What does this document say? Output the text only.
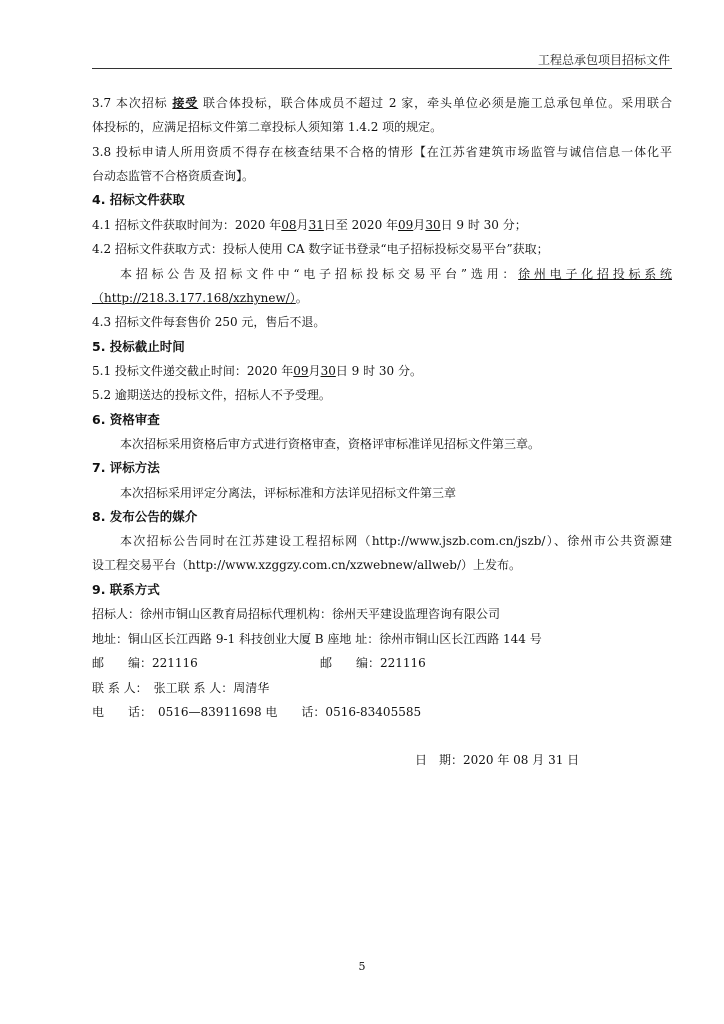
工程总承包项目招标文件
3.7 本次招标 接受 联合体投标，联合体成员不超过 2 家，牵头单位必须是施工总承包单位。采用联合
体投标的，应满足招标文件第二章投标人须知第 1.4.2 项的规定。
3.8 投标申请人所用资质不得存在核查结果不合格的情形【在江苏省建筑市场监管与诚信信息一体化平
台动态监管不合格资质查询】。
4. 招标文件获取
4.1 招标文件获取时间为：2020 年08月31日至 2020 年09月30日 9 时 30 分；
4.2 招标文件获取方式：投标人使用 CA 数字证书登录“电子招标投标交易平台”获取；
本招标公告及招标文件中“电子招标投标交易平台”选用：徐州电子化招投标系统
（http://218.3.177.168/xzhynew/）。
4.3 招标文件每套售价 250 元，售后不退。
5. 投标截止时间
5.1 投标文件递交截止时间：2020 年09月30日 9 时 30 分。
5.2 逾期送达的投标文件，招标人不予受理。
6. 资格审查
本次招标采用资格后审方式进行资格审查，资格评审标准详见招标文件第三章。
7. 评标方法
本次招标采用评定分离法，评标标准和方法详见招标文件第三章
8. 发布公告的媒介
本次招标公告同时在江苏建设工程招标网（http://www.jszb.com.cn/jszb/）、徐州市公共资源建
设工程交易平台（http://www.xzggzy.com.cn/xzwebnew/allweb/）上发布。
9. 联系方式
招标人：徐州市铜山区教育局招标代理机构：徐州天平建设监理咨询有限公司
地址：铜山区长江西路 9-1 科技创业大厦 B 座地 址：徐州市铜山区长江西路 144 号
邮　　编：221116	邮　　编：221116
联 系 人：　张工联 系 人：周清华
电　　话：　0516—83911698 电　　话：0516-83405585
日　期：2020 年 08 月 31 日
5
